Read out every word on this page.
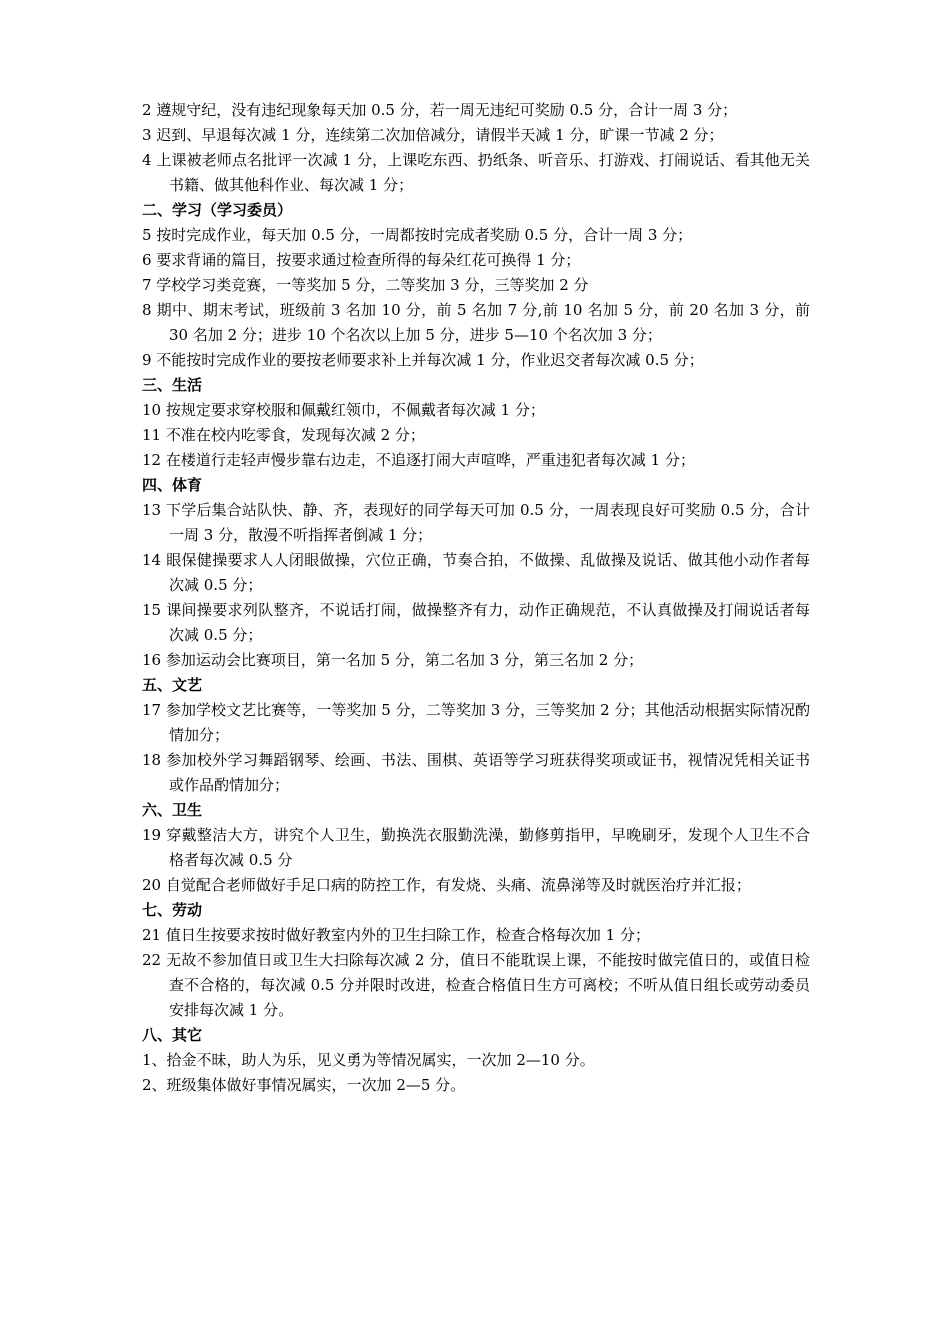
2 遵规守纪，没有违纪现象每天加 0.5 分，若一周无违纪可奖励 0.5 分，合计一周 3 分；
3 迟到、早退每次减 1 分，连续第二次加倍减分，请假半天减 1 分，旷课一节减 2 分；
4 上课被老师点名批评一次减 1 分，上课吃东西、扔纸条、听音乐、打游戏、打闹说话、看其他无关书籍、做其他科作业、每次减 1 分；
二、学习（学习委员）
5 按时完成作业，每天加 0.5 分，一周都按时完成者奖励 0.5 分，合计一周 3 分；
6 要求背诵的篇目，按要求通过检查所得的每朵红花可换得 1 分；
7 学校学习类竞赛，一等奖加 5 分，二等奖加 3 分，三等奖加 2 分
8 期中、期末考试，班级前 3 名加 10 分，前 5 名加 7 分,前 10 名加 5 分，前 20 名加 3 分，前 30 名加 2 分；进步 10 个名次以上加 5 分，进步 5—10 个名次加 3 分；
9 不能按时完成作业的要按老师要求补上并每次减 1 分，作业迟交者每次减 0.5 分；
三、生活
10 按规定要求穿校服和佩戴红领巾，不佩戴者每次减 1 分；
11 不准在校内吃零食，发现每次减 2 分；
12 在楼道行走轻声慢步靠右边走，不追逐打闹大声喧哗，严重违犯者每次减 1 分；
四、体育
13 下学后集合站队快、静、齐，表现好的同学每天可加 0.5 分，一周表现良好可奖励 0.5 分，合计一周 3 分，散漫不听指挥者倒减 1 分；
14 眼保健操要求人人闭眼做操，穴位正确，节奏合拍，不做操、乱做操及说话、做其他小动作者每次减 0.5 分；
15 课间操要求列队整齐，不说话打闹，做操整齐有力，动作正确规范，不认真做操及打闹说话者每次减 0.5 分；
16 参加运动会比赛项目，第一名加 5 分，第二名加 3 分，第三名加 2 分；
五、文艺
17 参加学校文艺比赛等，一等奖加 5 分，二等奖加 3 分，三等奖加 2 分；其他活动根据实际情况酌情加分；
18 参加校外学习舞蹈钢琴、绘画、书法、围棋、英语等学习班获得奖项或证书，视情况凭相关证书或作品酌情加分；
六、卫生
19 穿戴整洁大方，讲究个人卫生，勤换洗衣服勤洗澡，勤修剪指甲，早晚刷牙，发现个人卫生不合格者每次减 0.5 分
20 自觉配合老师做好手足口病的防控工作，有发烧、头痛、流鼻涕等及时就医治疗并汇报；
七、劳动
21 值日生按要求按时做好教室内外的卫生扫除工作，检查合格每次加 1 分；
22 无故不参加值日或卫生大扫除每次减 2 分，值日不能耽误上课，不能按时做完值日的，或值日检查不合格的，每次减 0.5 分并限时改进，检查合格值日生方可离校；不听从值日组长或劳动委员安排每次减 1 分。
八、其它
1、拾金不昧，助人为乐，见义勇为等情况属实，一次加 2—10 分。
2、班级集体做好事情况属实，一次加 2—5 分。
